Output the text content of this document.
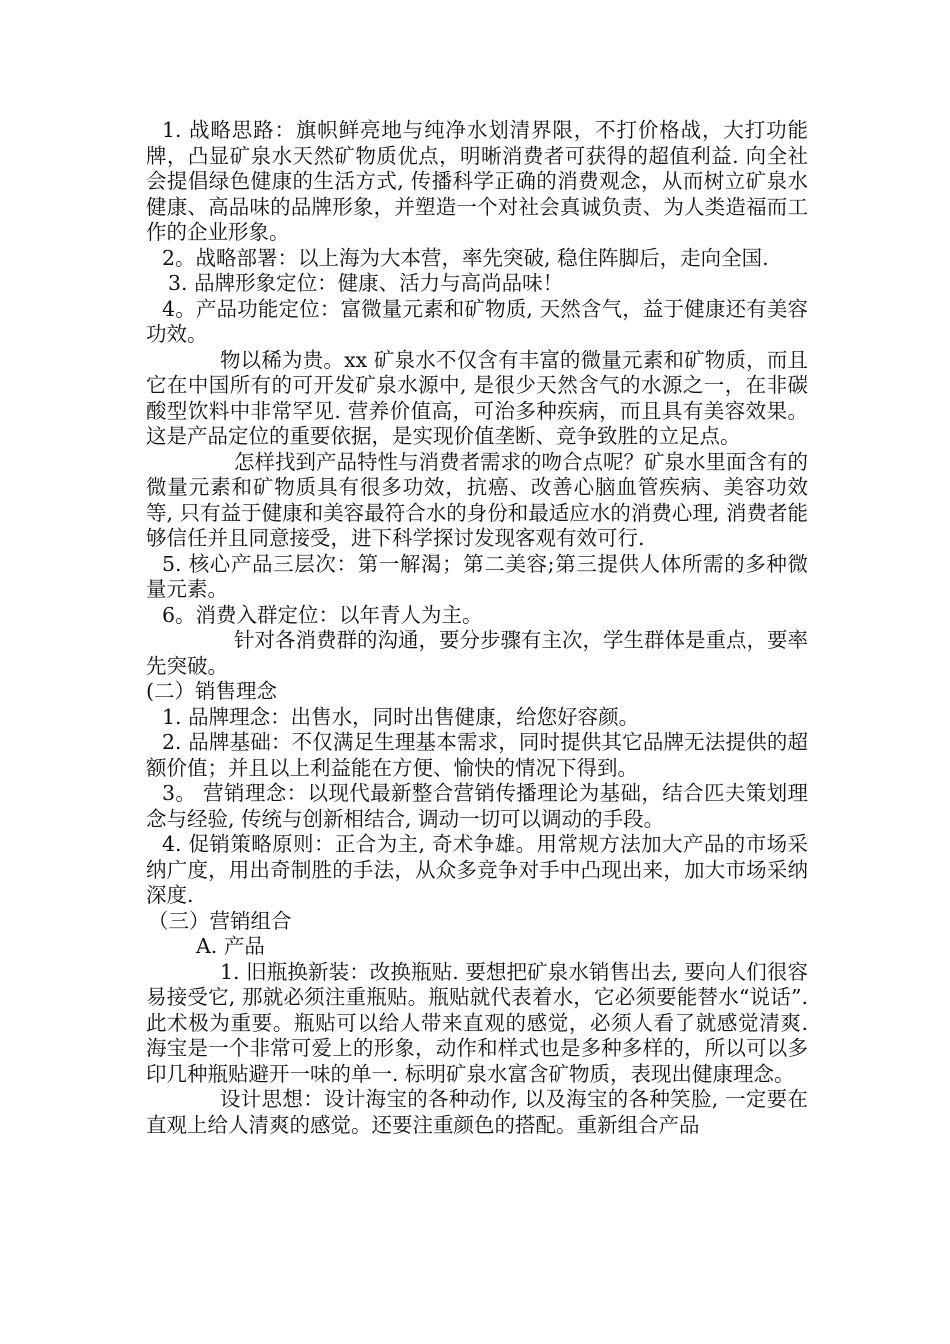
1. 战略思路：旗帜鲜亮地与纯净水划清界限，不打价格战，大打功能牌，凸显矿泉水天然矿物质优点，明晰消费者可获得的超值利益. 向全社会提倡绿色健康的生活方式, 传播科学正确的消费观念，从而树立矿泉水健康、高品味的品牌形象，并塑造一个对社会真诚负责、为人类造福而工作的企业形象。

2。战略部署：以上海为大本营，率先突破, 稳住阵脚后，走向全国.

3. 品牌形象定位：健康、活力与高尚品味！

4。产品功能定位：富微量元素和矿物质, 天然含气，益于健康还有美容功效。

物以稀为贵。xx 矿泉水不仅含有丰富的微量元素和矿物质，而且它在中国所有的可开发矿泉水源中, 是很少天然含气的水源之一，在非碳酸型饮料中非常罕见. 营养价值高，可治多种疾病，而且具有美容效果。这是产品定位的重要依据，是实现价值垄断、竞争致胜的立足点。

怎样找到产品特性与消费者需求的吻合点呢？矿泉水里面含有的微量元素和矿物质具有很多功效，抗癌、改善心脑血管疾病、美容功效等, 只有益于健康和美容最符合水的身份和最适应水的消费心理, 消费者能够信任并且同意接受，进下科学探讨发现客观有效可行.

5. 核心产品三层次：第一解渴；第二美容;第三提供人体所需的多种微量元素。

6。消费入群定位：以年青人为主。

针对各消费群的沟通，要分步骤有主次，学生群体是重点，要率先突破。

(二）销售理念

1. 品牌理念：出售水，同时出售健康，给您好容颜。

2. 品牌基础：不仅满足生理基本需求，同时提供其它品牌无法提供的超额价值；并且以上利益能在方便、愉快的情况下得到。

3。 营销理念：以现代最新整合营销传播理论为基础，结合匹夫策划理念与经验, 传统与创新相结合, 调动一切可以调动的手段。

4. 促销策略原则：正合为主, 奇术争雄。用常规方法加大产品的市场采纳广度，用出奇制胜的手法，从众多竞争对手中凸现出来，加大市场采纳深度.

（三）营销组合

A. 产品

1. 旧瓶换新装：改换瓶贴. 要想把矿泉水销售出去, 要向人们很容易接受它, 那就必须注重瓶贴。瓶贴就代表着水，它必须要能替水“说话”. 此术极为重要。瓶贴可以给人带来直观的感觉，必须人看了就感觉清爽. 海宝是一个非常可爱上的形象，动作和样式也是多种多样的，所以可以多印几种瓶贴避开一味的单一. 标明矿泉水富含矿物质，表现出健康理念。

设计思想：设计海宝的各种动作, 以及海宝的各种笑脸, 一定要在直观上给人清爽的感觉。还要注重颜色的搭配。重新组合产品
